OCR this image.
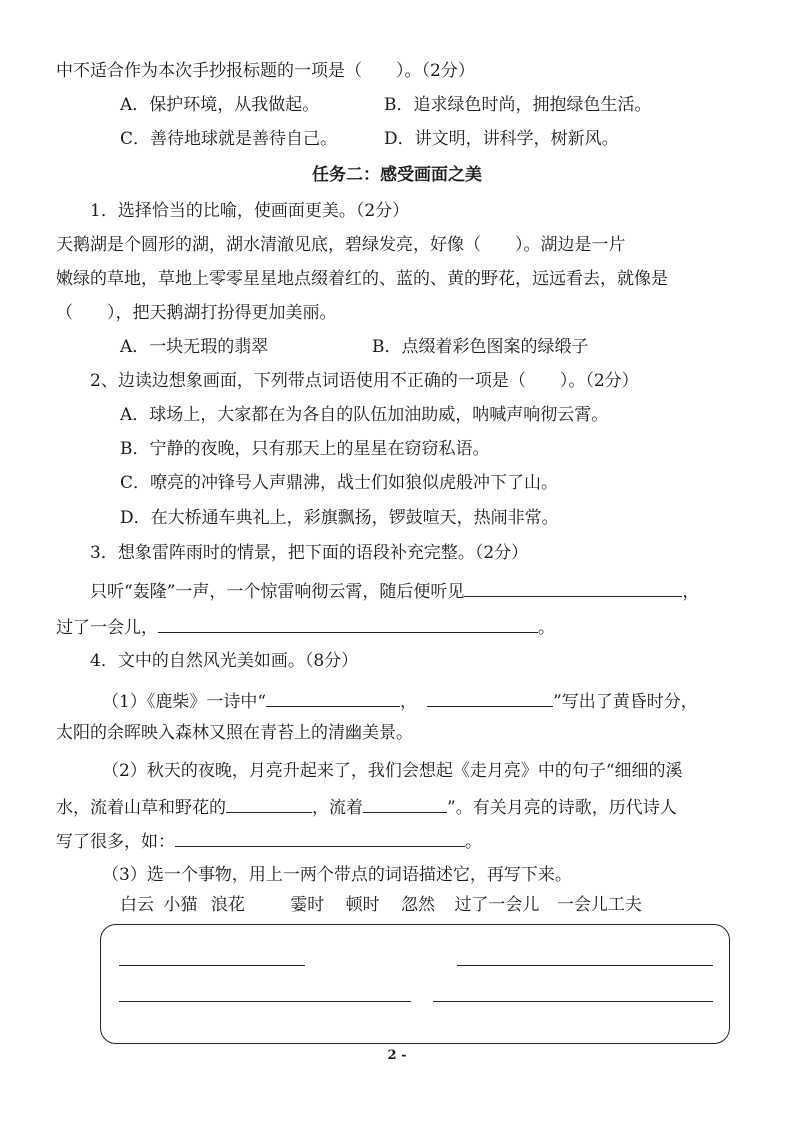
中不适合作为本次手抄报标题的一项是（　　）。（2分）
A．保护环境，从我做起。	B．追求绿色时尚，拥抱绿色生活。
C．善待地球就是善待自己。	D．讲文明，讲科学，树新风。
任务二：感受画面之美
1．选择恰当的比喻，使画面更美。（2分）
天鹅湖是个圆形的湖，湖水清澈见底，碧绿发亮，好像（　　）。湖边是一片
嫩绿的草地，草地上零零星星地点缀着红的、蓝的、黄的野花，远远看去，就像是
（　　），把天鹅湖打扮得更加美丽。
A．一块无瑕的翡翠	B．点缀着彩色图案的绿缎子
2、边读边想象画面，下列带点词语使用不正确的一项是（　　）。（2分）
A．球场上，大家都在为各自的队伍加油助威，呐喊声响彻云霄。
B．宁静的夜晚，只有那天上的星星在窃窃私语。
C．嘹亮的冲锋号人声鼎沸，战士们如狼似虎般冲下了山。
D．在大桥通车典礼上，彩旗飘扬，锣鼓喧天，热闹非常。
3．想象雷阵雨时的情景，把下面的语段补充完整。（2分）
只听“轰隆”一声，一个惊雷响彻云霄，随后便听见	，
过了一会儿，	。
4．文中的自然风光美如画。（8分）
（1）《鹿柴》一诗中“	，	”写出了黄昏时分，
太阳的余晖映入森林又照在青苔上的清幽美景。
（2）秋天的夜晚，月亮升起来了，我们会想起《走月亮》中的句子“细细的溪
水，流着山草和野花的	，流着	”。有关月亮的诗歌，历代诗人
写了很多，如：	。
（3）选一个事物，用上一两个带点的词语描述它，再写下来。
白云 小猫 浪花	霎时 顿时 忽然 过了一会儿 一会儿工夫
2 -
